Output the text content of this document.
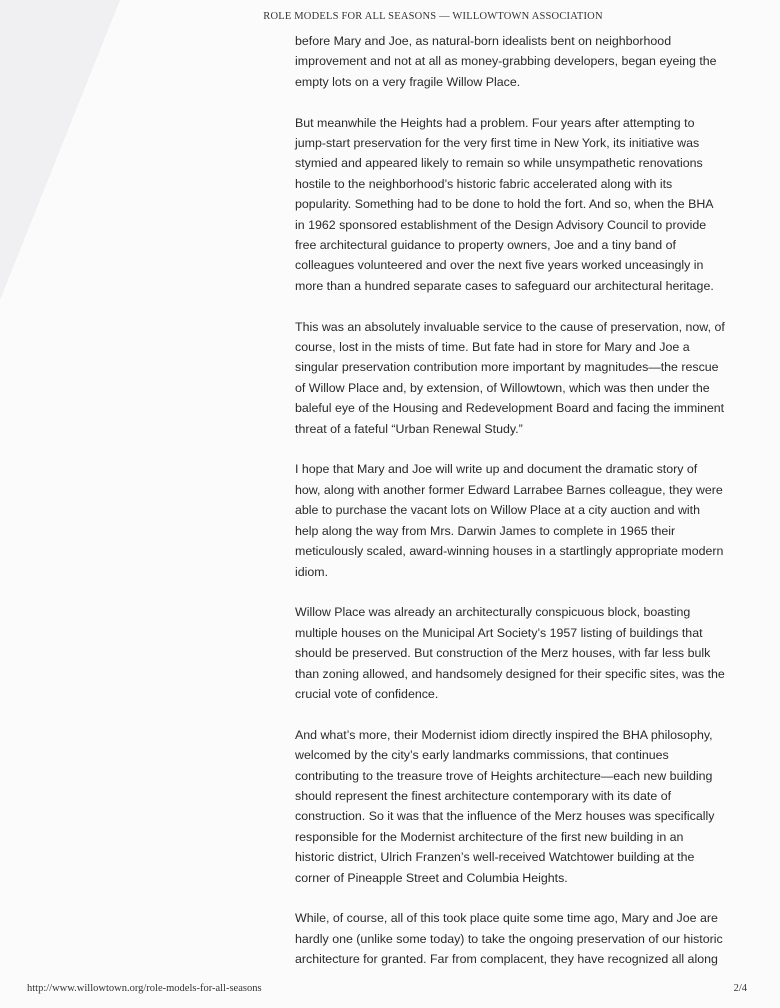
ROLE MODELS FOR ALL SEASONS — WILLOWTOWN ASSOCIATION

before Mary and Joe, as natural-born idealists bent on neighborhood
improvement and not at all as money-grabbing developers, began eyeing the
empty lots on a very fragile Willow Place.

But meanwhile the Heights had a problem. Four years after attempting to
jump-start preservation for the very first time in New York, its initiative was
stymied and appeared likely to remain so while unsympathetic renovations
hostile to the neighborhood’s historic fabric accelerated along with its
popularity. Something had to be done to hold the fort. And so, when the BHA
in 1962 sponsored establishment of the Design Advisory Council to provide
free architectural guidance to property owners, Joe and a tiny band of
colleagues volunteered and over the next five years worked unceasingly in
more than a hundred separate cases to safeguard our architectural heritage.

This was an absolutely invaluable service to the cause of preservation, now, of
course, lost in the mists of time. But fate had in store for Mary and Joe a
singular preservation contribution more important by magnitudes—the rescue
of Willow Place and, by extension, of Willowtown, which was then under the
baleful eye of the Housing and Redevelopment Board and facing the imminent
threat of a fateful “Urban Renewal Study.”

I hope that Mary and Joe will write up and document the dramatic story of
how, along with another former Edward Larrabee Barnes colleague, they were
able to purchase the vacant lots on Willow Place at a city auction and with
help along the way from Mrs. Darwin James to complete in 1965 their
meticulously scaled, award-winning houses in a startlingly appropriate modern
idiom.

Willow Place was already an architecturally conspicuous block, boasting
multiple houses on the Municipal Art Society’s 1957 listing of buildings that
should be preserved. But construction of the Merz houses, with far less bulk
than zoning allowed, and handsomely designed for their specific sites, was the
crucial vote of confidence.

And what’s more, their Modernist idiom directly inspired the BHA philosophy,
welcomed by the city’s early landmarks commissions, that continues
contributing to the treasure trove of Heights architecture—each new building
should represent the finest architecture contemporary with its date of
construction. So it was that the influence of the Merz houses was specifically
responsible for the Modernist architecture of the first new building in an
historic district, Ulrich Franzen’s well-received Watchtower building at the
corner of Pineapple Street and Columbia Heights.

While, of course, all of this took place quite some time ago, Mary and Joe are
hardly one (unlike some today) to take the ongoing preservation of our historic
architecture for granted. Far from complacent, they have recognized all along

http://www.willowtown.org/role-models-for-all-seasons	2/4
